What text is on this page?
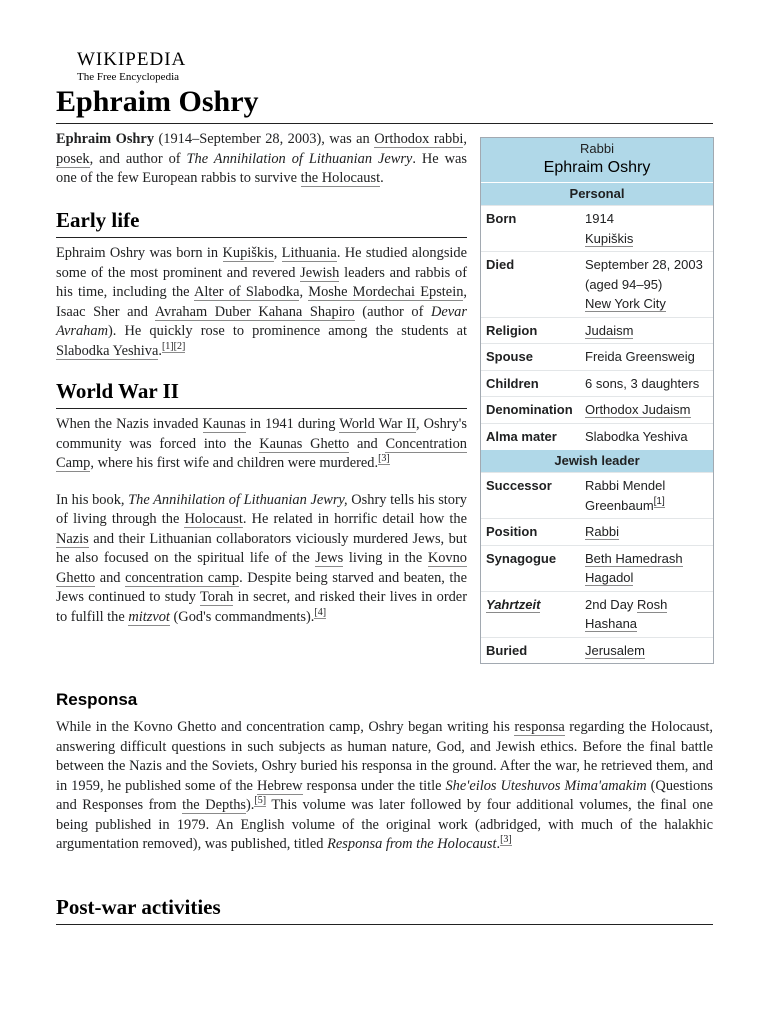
WIKIPEDIA
The Free Encyclopedia
Ephraim Oshry

Ephraim Oshry (1914–September 28, 2003), was an Orthodox rabbi, posek, and author of The Annihilation of Lithuanian Jewry. He was one of the few European rabbis to survive the Holocaust.

Early life

Ephraim Oshry was born in Kupiškis, Lithuania. He studied alongside some of the most prominent and revered Jewish leaders and rabbis of his time, including the Alter of Slabodka, Moshe Mordechai Epstein, Isaac Sher and Avraham Duber Kahana Shapiro (author of Devar Avraham). He quickly rose to prominence among the students at Slabodka Yeshiva.[1][2]

World War II

When the Nazis invaded Kaunas in 1941 during World War II, Oshry's community was forced into the Kaunas Ghetto and Concentration Camp, where his first wife and children were murdered.[3]

In his book, The Annihilation of Lithuanian Jewry, Oshry tells his story of living through the Holocaust. He related in horrific detail how the Nazis and their Lithuanian collaborators viciously murdered Jews, but he also focused on the spiritual life of the Jews living in the Kovno Ghetto and concentration camp. Despite being starved and beaten, the Jews continued to study Torah in secret, and risked their lives in order to fulfill the mitzvot (God's commandments).[4]

Responsa

While in the Kovno Ghetto and concentration camp, Oshry began writing his responsa regarding the Holocaust, answering difficult questions in such subjects as human nature, God, and Jewish ethics. Before the final battle between the Nazis and the Soviets, Oshry buried his responsa in the ground. After the war, he retrieved them, and in 1959, he published some of the Hebrew responsa under the title She'eilos Uteshuvos Mima'amakim (Questions and Responses from the Depths).[5] This volume was later followed by four additional volumes, the final one being published in 1979. An English volume of the original work (adbridged, with much of the halakhic argumentation removed), was published, titled Responsa from the Holocaust.[3]

Post-war activities
Rabbi
Ephraim Oshry
Personal
Born	1914
Kupiškis
Died	September 28, 2003 (aged 94–95)
New York City
Religion	Judaism
Spouse	Freida Greensweig
Children	6 sons, 3 daughters
Denomination Orthodox Judaism
Alma mater	Slabodka Yeshiva
Jewish leader
Successor	Rabbi Mendel Greenbaum[1]
Position	Rabbi
Synagogue	Beth Hamedrash Hagadol
Yahrtzeit	2nd Day Rosh Hashana
Buried	Jerusalem
